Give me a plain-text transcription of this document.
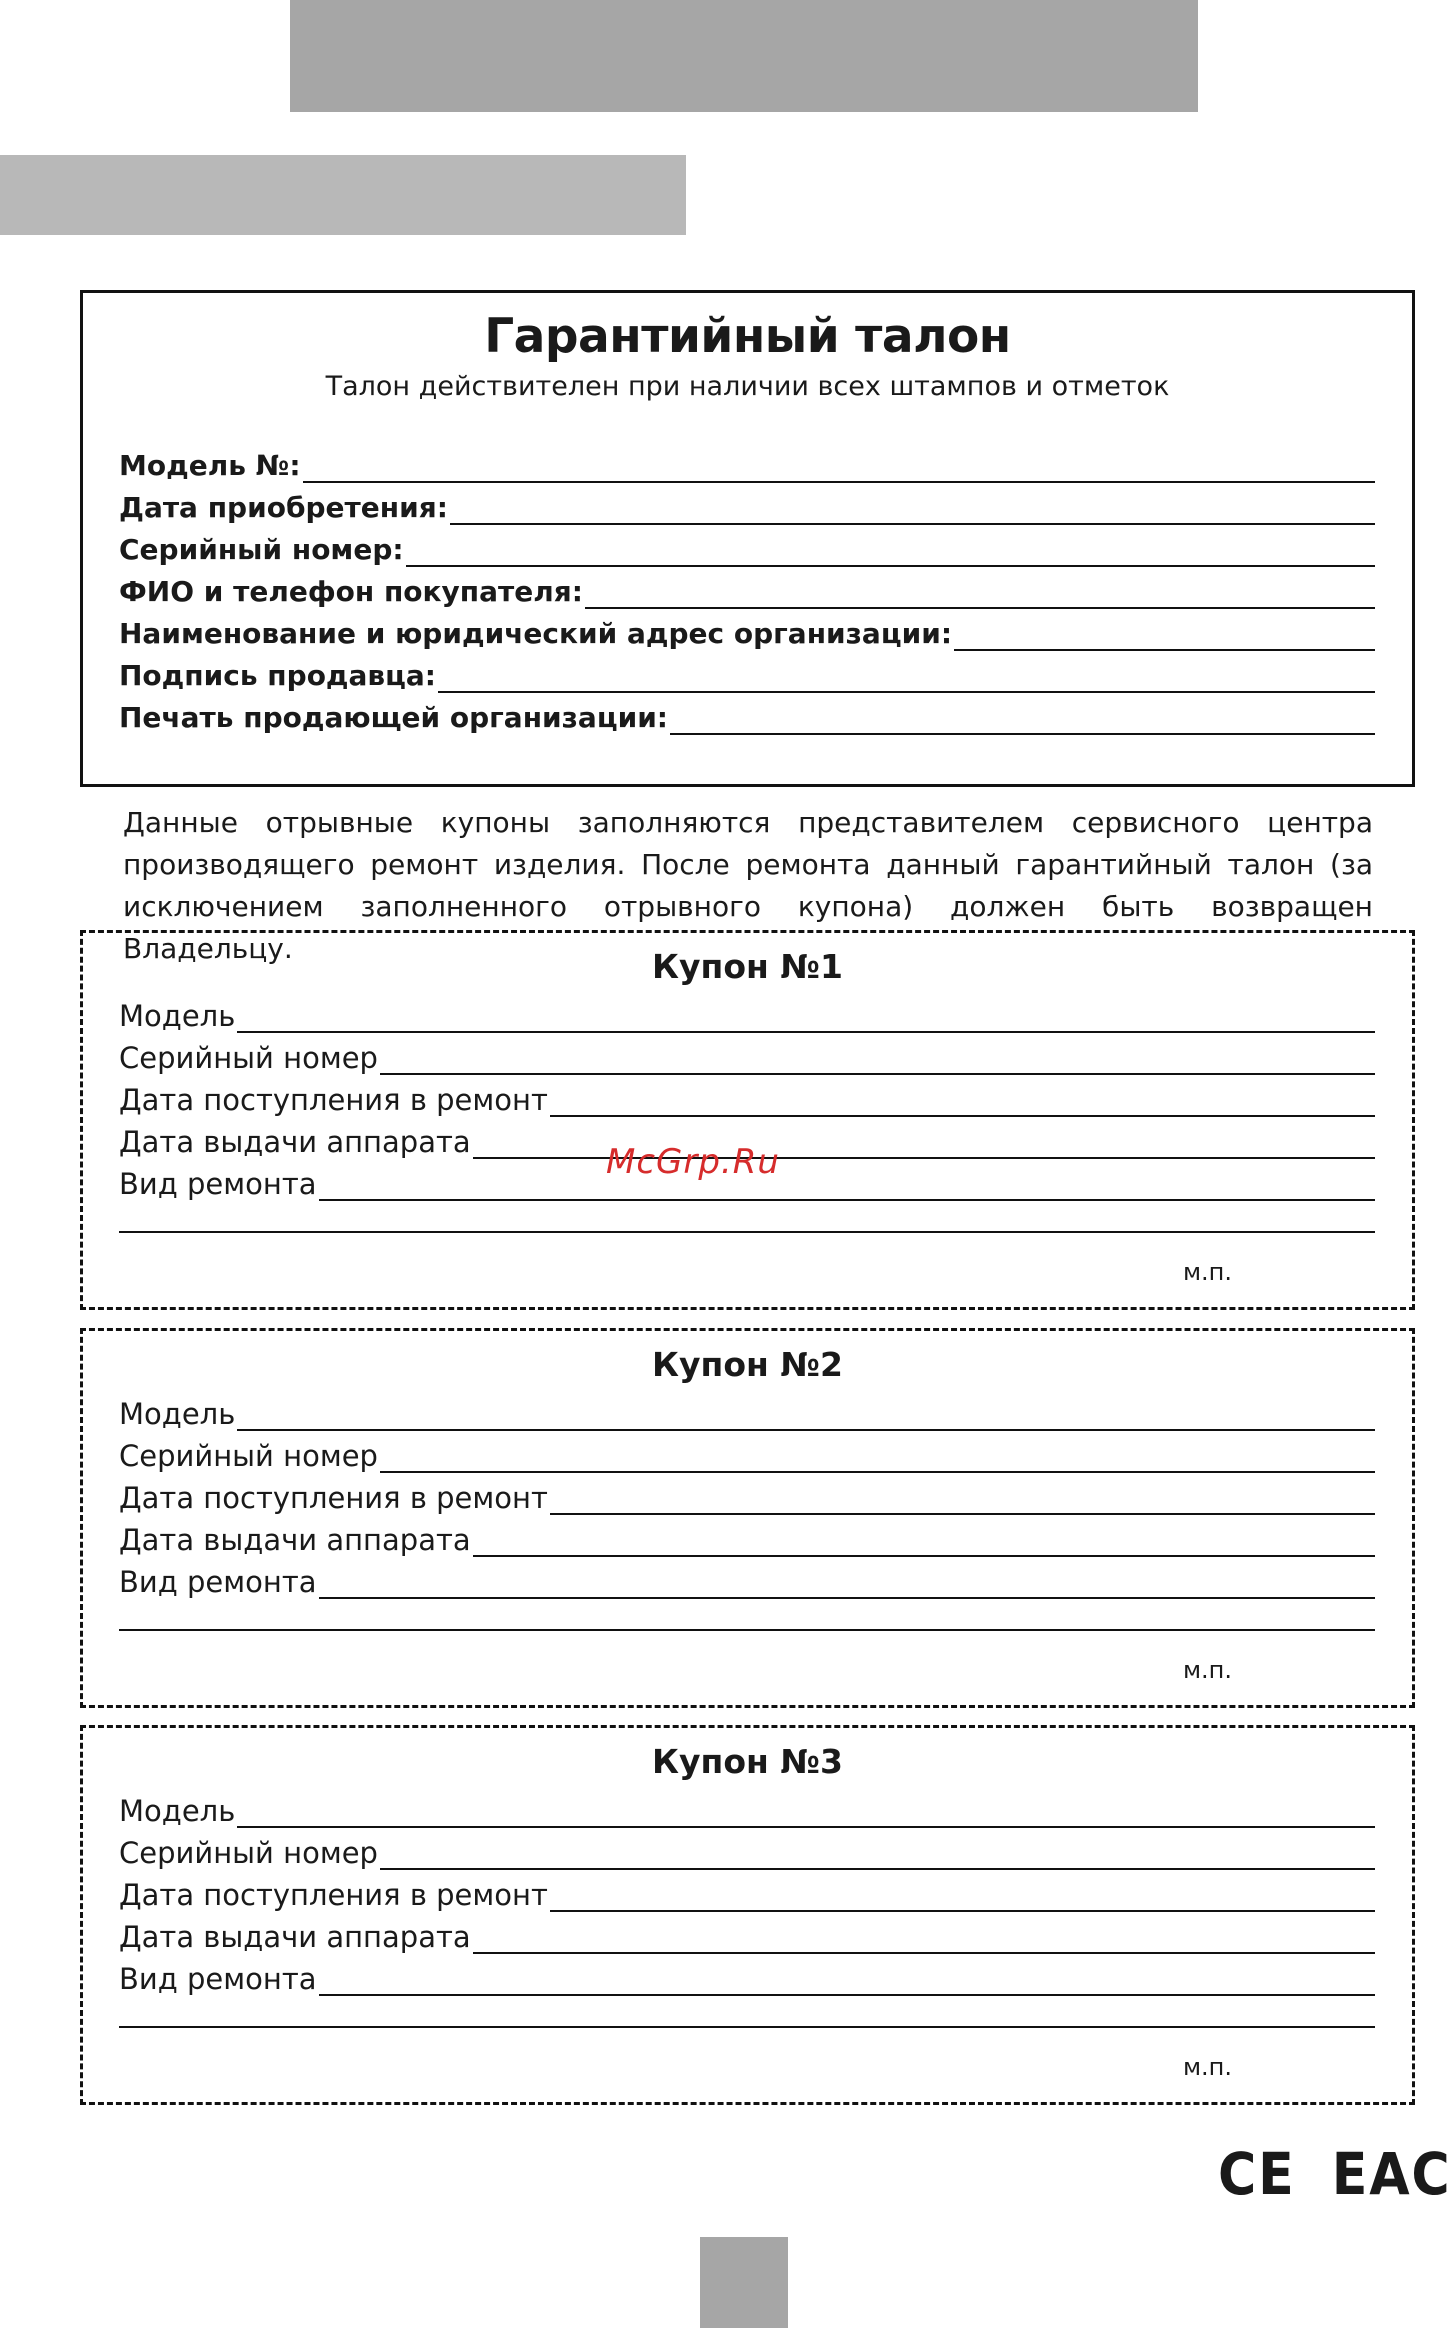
Гарантийный талон
Талон действителен при наличии всех штампов и отметок
Модель №:
Дата приобретения:
Серийный номер:
ФИО и телефон покупателя:
Наименование и юридический адрес организации:
Подпись продавца:
Печать продающей организации:
Данные отрывные купоны заполняются представителем сервисного центра производящего ремонт изделия. После ремонта данный гарантийный талон (за исключением заполненного отрывного купона) должен быть возвращен Владельцу.	Купон №1
Модель
Серийный номер
Дата поступления в ремонт
Дата выдачи аппарата
Вид ремонта
м.п.
Купон №2
Модель
Серийный номер
Дата поступления в ремонт
Дата выдачи аппарата
Вид ремонта
м.п.
Купон №3
Модель
Серийный номер
Дата поступления в ремонт
Дата выдачи аппарата
Вид ремонта
м.п.
McGrp.Ru
CE EAC
